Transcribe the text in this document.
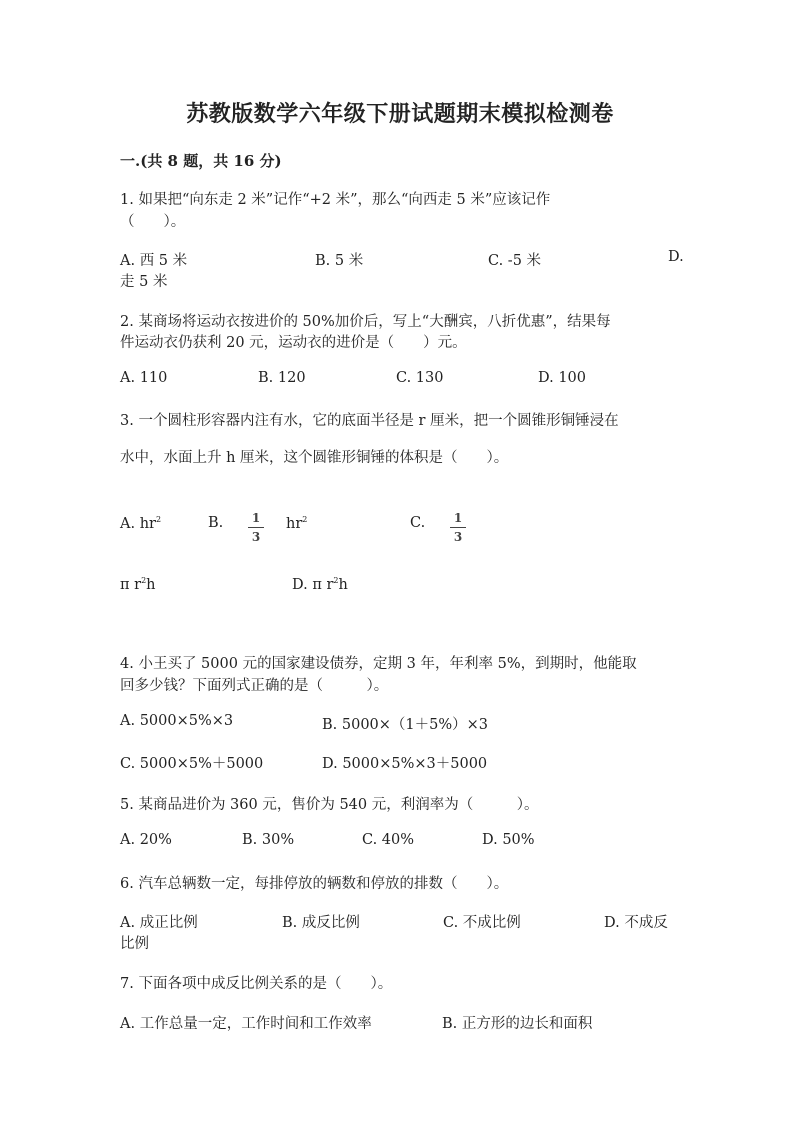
苏教版数学六年级下册试题期末模拟检测卷
一.(共 8 题，共 16 分)
1. 如果把“向东走 2 米”记作“+2 米”，那么“向西走 5 米”应该记作
（　　）。
A. 西 5 米	B. 5 米	C. -5 米	D.
走 5 米
2. 某商场将运动衣按进价的 50%加价后，写上“大酬宾，八折优惠”，结果每
件运动衣仍获利 20 元，运动衣的进价是（　　）元。
A. 110	B. 120	C. 130	D. 100
3. 一个圆柱形容器内注有水，它的底面半径是 r 厘米，把一个圆锥形铜锤浸在
水中，水面上升 h 厘米，这个圆锥形铜锤的体积是（　　）。
A. $hr^2$	B.	1
3
$hr^2$	C.	1
3
π $r^2h$	D. π $r^2h$
4. 小王买了 5000 元的国家建设债券，定期 3 年，年利率 5%，到期时，他能取
回多少钱？下面列式正确的是（　　　）。
A. 5000×5%×3	B. 5000×（1＋5%）×3
C. 5000×5%＋5000	D. 5000×5%×3＋5000
5. 某商品进价为 360 元，售价为 540 元，利润率为（　　　）。
A. 20%	B. 30%	C. 40%	D. 50%
6. 汽车总辆数一定，每排停放的辆数和停放的排数（　　）。
A. 成正比例	B. 成反比例	C. 不成比例	D. 不成反
比例
7. 下面各项中成反比例关系的是（　　）。
A. 工作总量一定，工作时间和工作效率	B. 正方形的边长和面积
